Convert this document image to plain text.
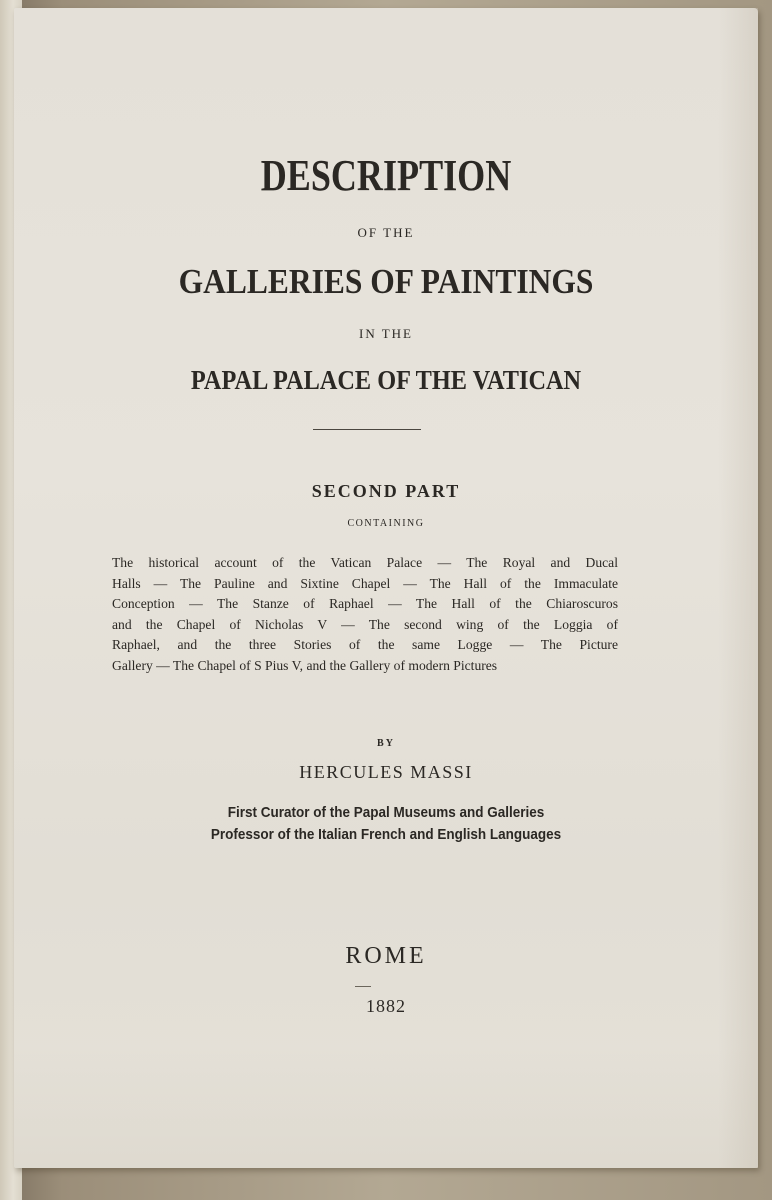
DESCRIPTION
OF THE
GALLERIES OF PAINTINGS
IN THE
PAPAL PALACE OF THE VATICAN
SECOND PART
CONTAINING
The historical account of the Vatican Palace — The Royal and Ducal
Halls — The Pauline and Sixtine Chapel — The Hall of the Immaculate
Conception — The Stanze of Raphael — The Hall of the Chiaroscuros
and the Chapel of Nicholas V — The second wing of the Loggia of
Raphael, and the three Stories of the same Logge — The Picture
Gallery — The Chapel of S Pius V, and the Gallery of modern Pictures
BY
HERCULES MASSI
First Curator of the Papal Museums and Galleries
Professor of the Italian French and English Languages
ROME
1882
